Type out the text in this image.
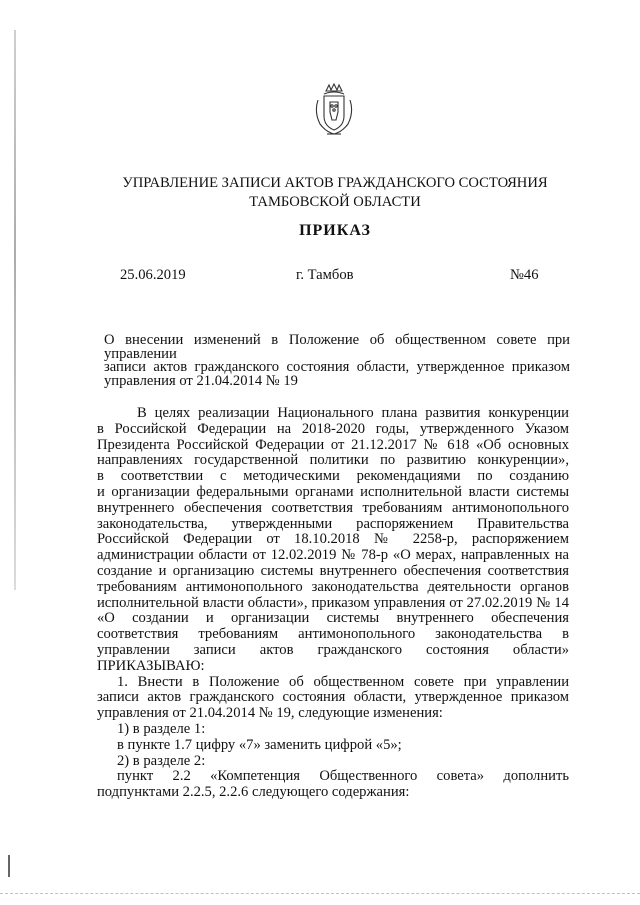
УПРАВЛЕНИЕ ЗАПИСИ АКТОВ ГРАЖДАНСКОГО СОСТОЯНИЯ
ТАМБОВСКОЙ ОБЛАСТИ
ПРИКАЗ
25.06.2019	г. Тамбов	№46

О внесении изменений в Положение об общественном совете при управлении

записи актов гражданского состояния области, утвержденное приказом

управления от 21.04.2014 № 19

В целях реализации Национального плана развития конкуренции

в Российской Федерации на 2018-2020 годы, утвержденного Указом

Президента Российской Федерации от 21.12.2017 № 618 «Об основных

направлениях государственной политики по развитию конкуренции»,

в соответствии с методическими рекомендациями по созданию

и организации федеральными органами исполнительной власти системы

внутреннего обеспечения соответствия требованиям антимонопольного

законодательства, утвержденными распоряжением Правительства

Российской Федерации от 18.10.2018 № 2258-р, распоряжением

администрации области от 12.02.2019 № 78-р «О мерах, направленных на

создание и организацию системы внутреннего обеспечения соответствия

требованиям антимонопольного законодательства деятельности органов

исполнительной власти области», приказом управления от 27.02.2019 № 14

«О создании и организации системы внутреннего обеспечения

соответствия требованиям антимонопольного законодательства в

управлении записи актов гражданского состояния области»

ПРИКАЗЫВАЮ:

1. Внести в Положение об общественном совете при управлении

записи актов гражданского состояния области, утвержденное приказом

управления от 21.04.2014 № 19, следующие изменения:

1) в разделе 1:

в пункте 1.7 цифру «7» заменить цифрой «5»;

2) в разделе 2:

пункт 2.2 «Компетенция Общественного совета» дополнить

подпунктами 2.2.5, 2.2.6 следующего содержания:
